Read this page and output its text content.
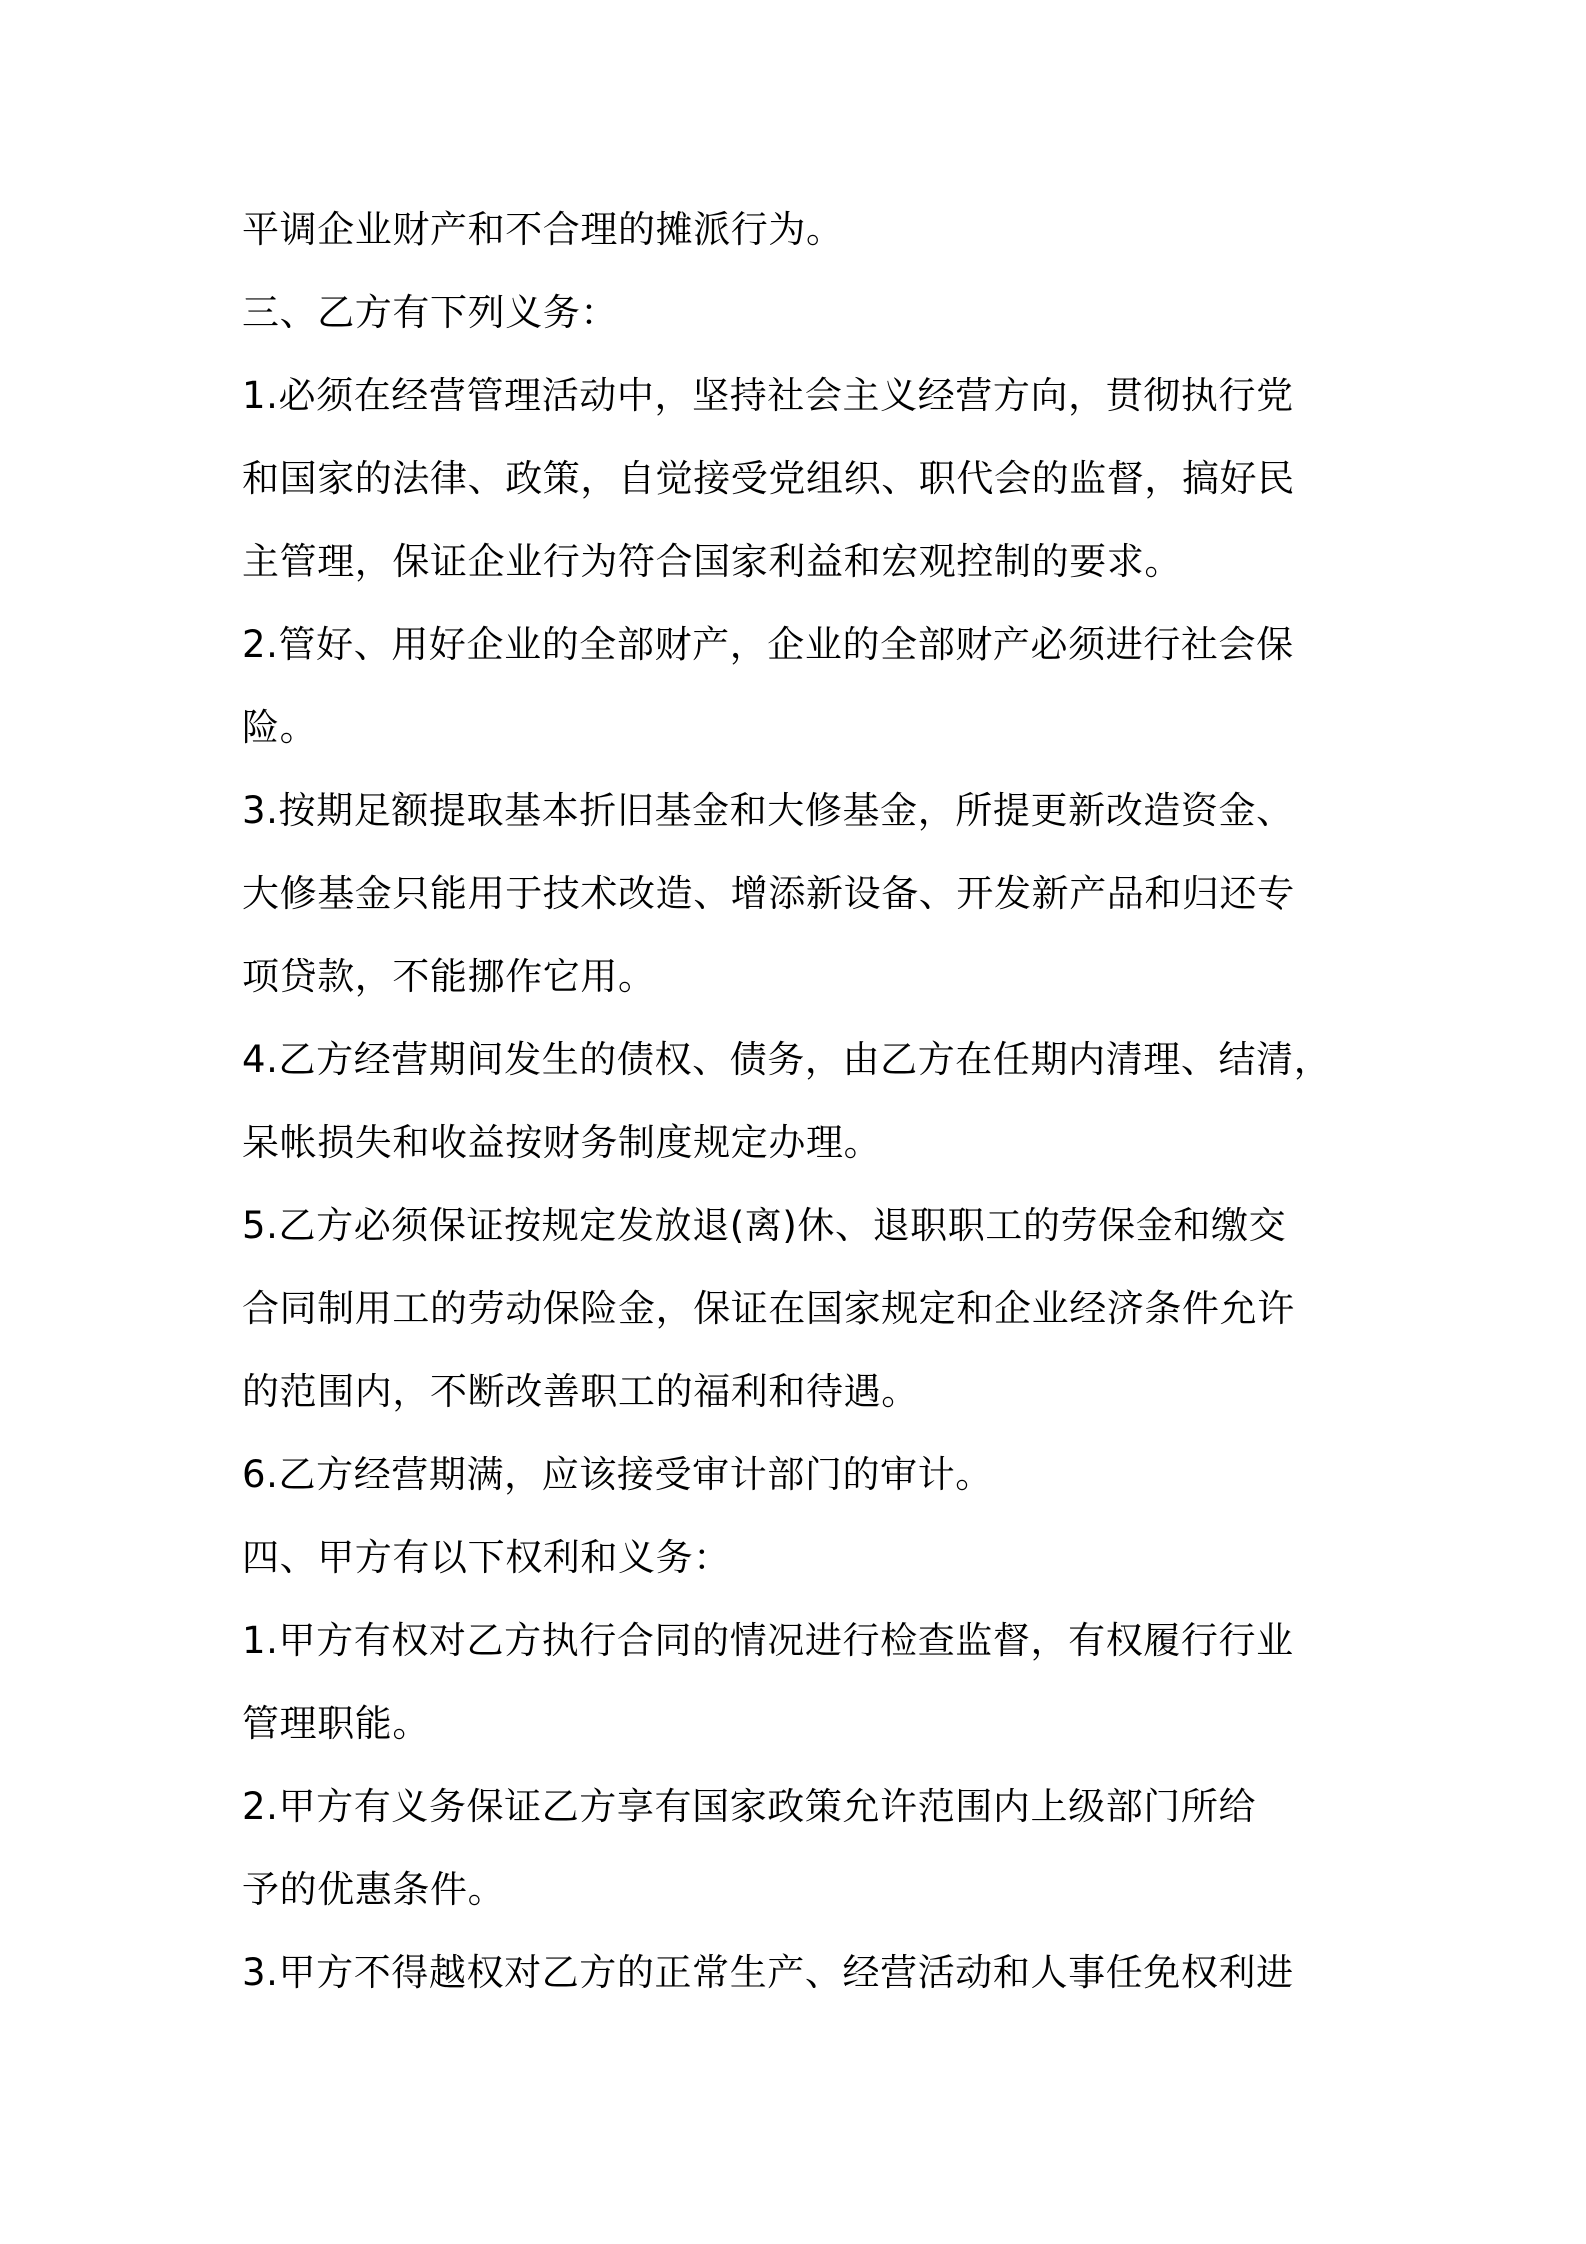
平调企业财产和不合理的摊派行为。
三、乙方有下列义务：
1.必须在经营管理活动中，坚持社会主义经营方向，贯彻执行党
和国家的法律、政策，自觉接受党组织、职代会的监督，搞好民
主管理，保证企业行为符合国家利益和宏观控制的要求。
2.管好、用好企业的全部财产，企业的全部财产必须进行社会保
险。
3.按期足额提取基本折旧基金和大修基金，所提更新改造资金、
大修基金只能用于技术改造、增添新设备、开发新产品和归还专
项贷款，不能挪作它用。
4.乙方经营期间发生的债权、债务，由乙方在任期内清理、结清，
呆帐损失和收益按财务制度规定办理。
5.乙方必须保证按规定发放退(离)休、退职职工的劳保金和缴交
合同制用工的劳动保险金，保证在国家规定和企业经济条件允许
的范围内，不断改善职工的福利和待遇。
6.乙方经营期满，应该接受审计部门的审计。
四、甲方有以下权利和义务：
1.甲方有权对乙方执行合同的情况进行检查监督，有权履行行业
管理职能。
2.甲方有义务保证乙方享有国家政策允许范围内上级部门所给
予的优惠条件。
3.甲方不得越权对乙方的正常生产、经营活动和人事任免权利进
